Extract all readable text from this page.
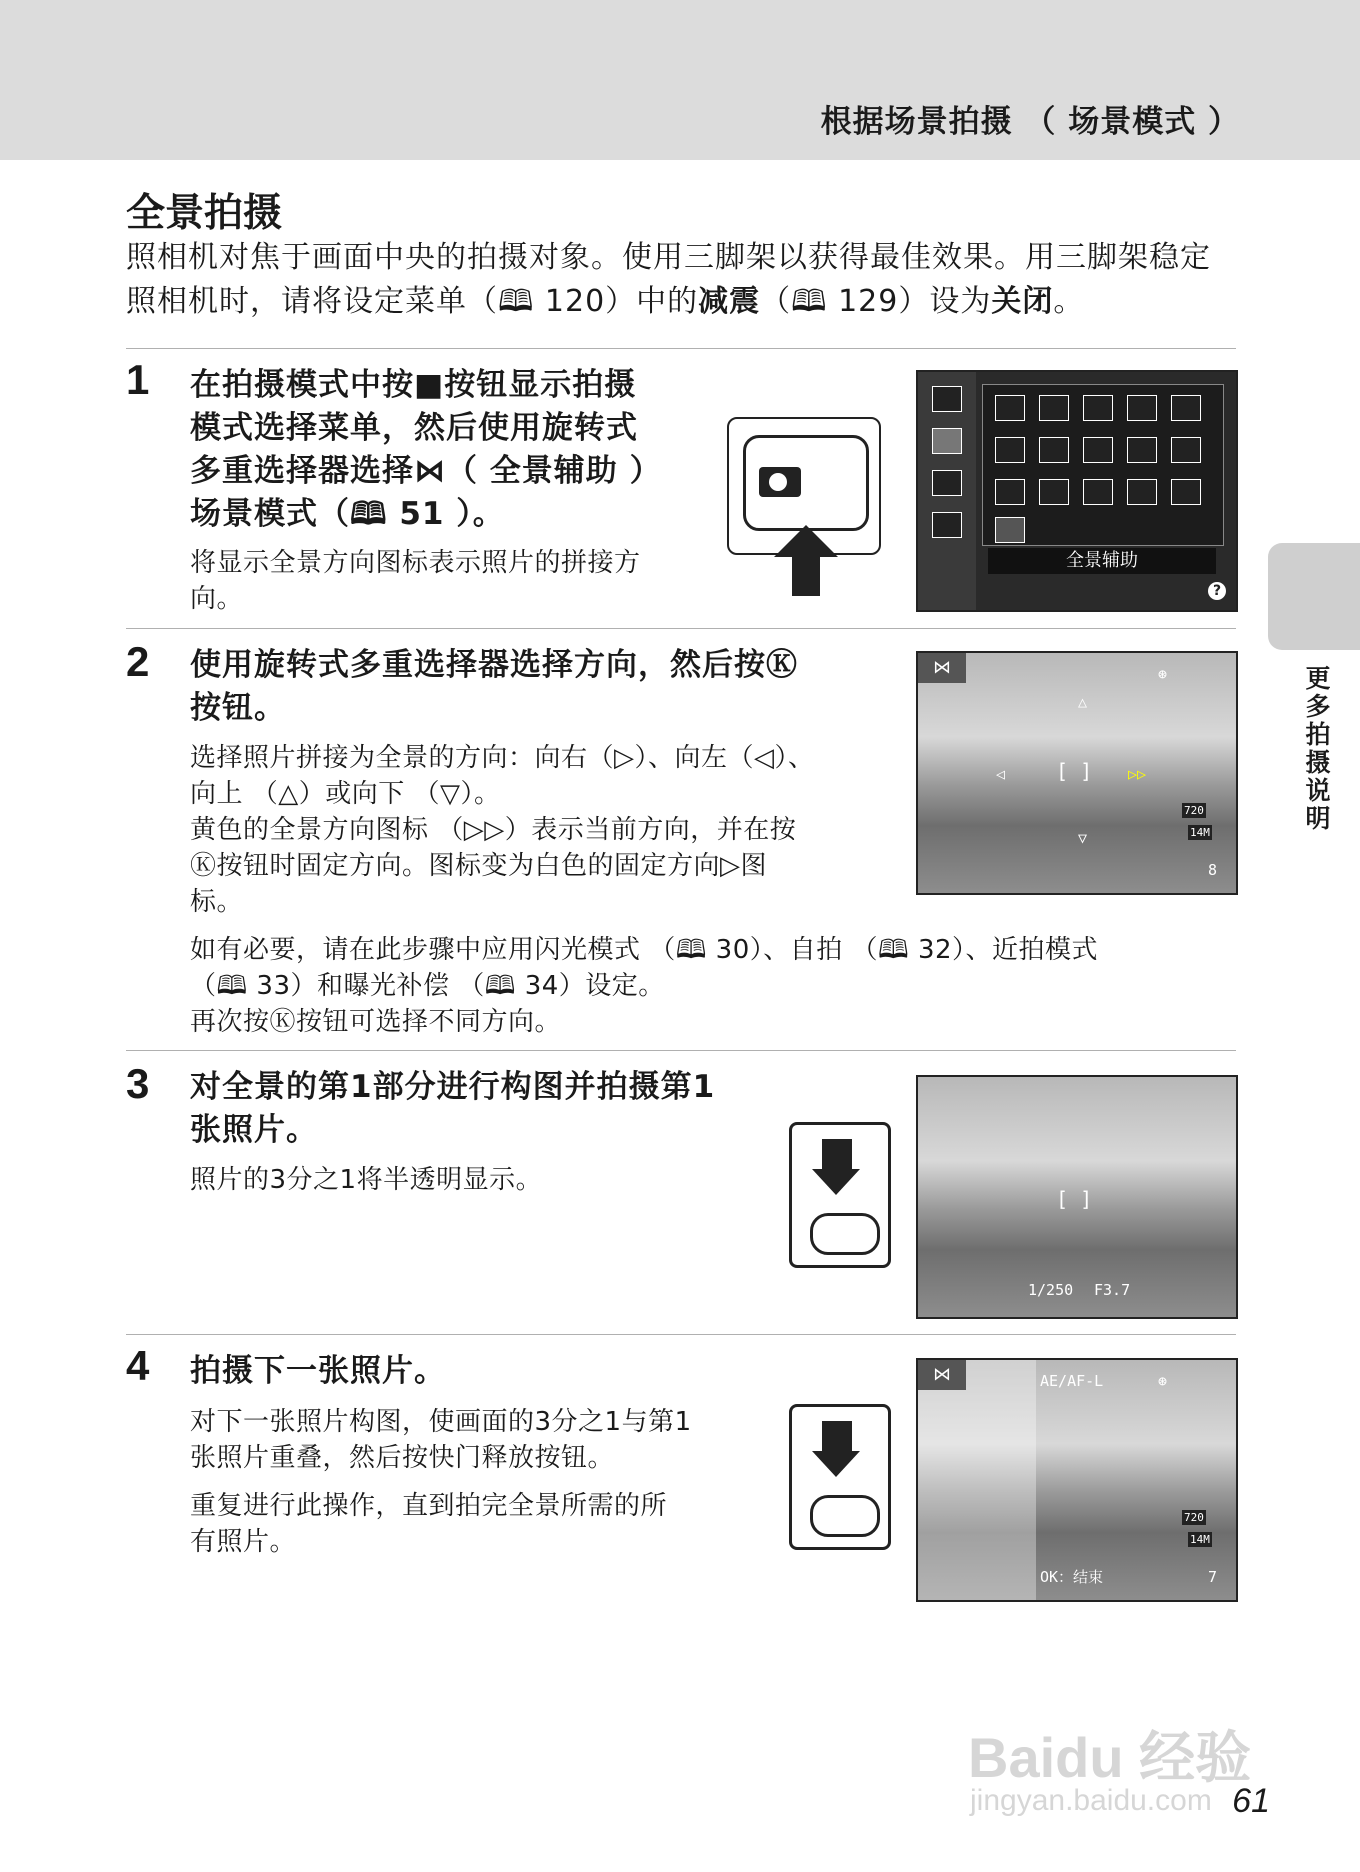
根据场景拍摄 （ 场景模式 ）
更多拍摄说明
全景拍摄
照相机对焦于画面中央的拍摄对象。使用三脚架以获得最佳效果。用三脚架稳定照相机时，请将设定菜单（🕮 120）中的减震（🕮 129）设为关闭。
1 在拍摄模式中按■按钮显示拍摄
模式选择菜单，然后使用旋转式
多重选择器选择⋈（ 全景辅助 ）
场景模式（🕮 51 ）。
将显示全景方向图标表示照片的拼接方
向。
全景辅助
?
2 使用旋转式多重选择器选择方向，然后按Ⓚ
按钮。
选择照片拼接为全景的方向：向右（▷）、向左（◁）、
向上 （△）或向下 （▽）。
黄色的全景方向图标 （▷▷）表示当前方向，并在按
Ⓚ按钮时固定方向。图标变为白色的固定方向▷图
标。
如有必要，请在此步骤中应用闪光模式 （🕮 30）、自拍 （🕮 32）、近拍模式
（🕮 33）和曝光补偿 （🕮 34）设定。
再次按Ⓚ按钮可选择不同方向。
⋈
△
◁	▷▷
▽
[ ]
⊛
720
14M
8
3 对全景的第1部分进行构图并拍摄第1
张照片。
照片的3分之1将半透明显示。
[ ]
1/250 F3.7
4 拍摄下一张照片。
对下一张照片构图，使画面的3分之1与第1
张照片重叠，然后按快门释放按钮。
重复进行此操作，直到拍完全景所需的所
有照片。
⋈	AE/AF-L	⊛
720
14M
OK：结束	7
Baidu 经验
jingyan.baidu.com 61
